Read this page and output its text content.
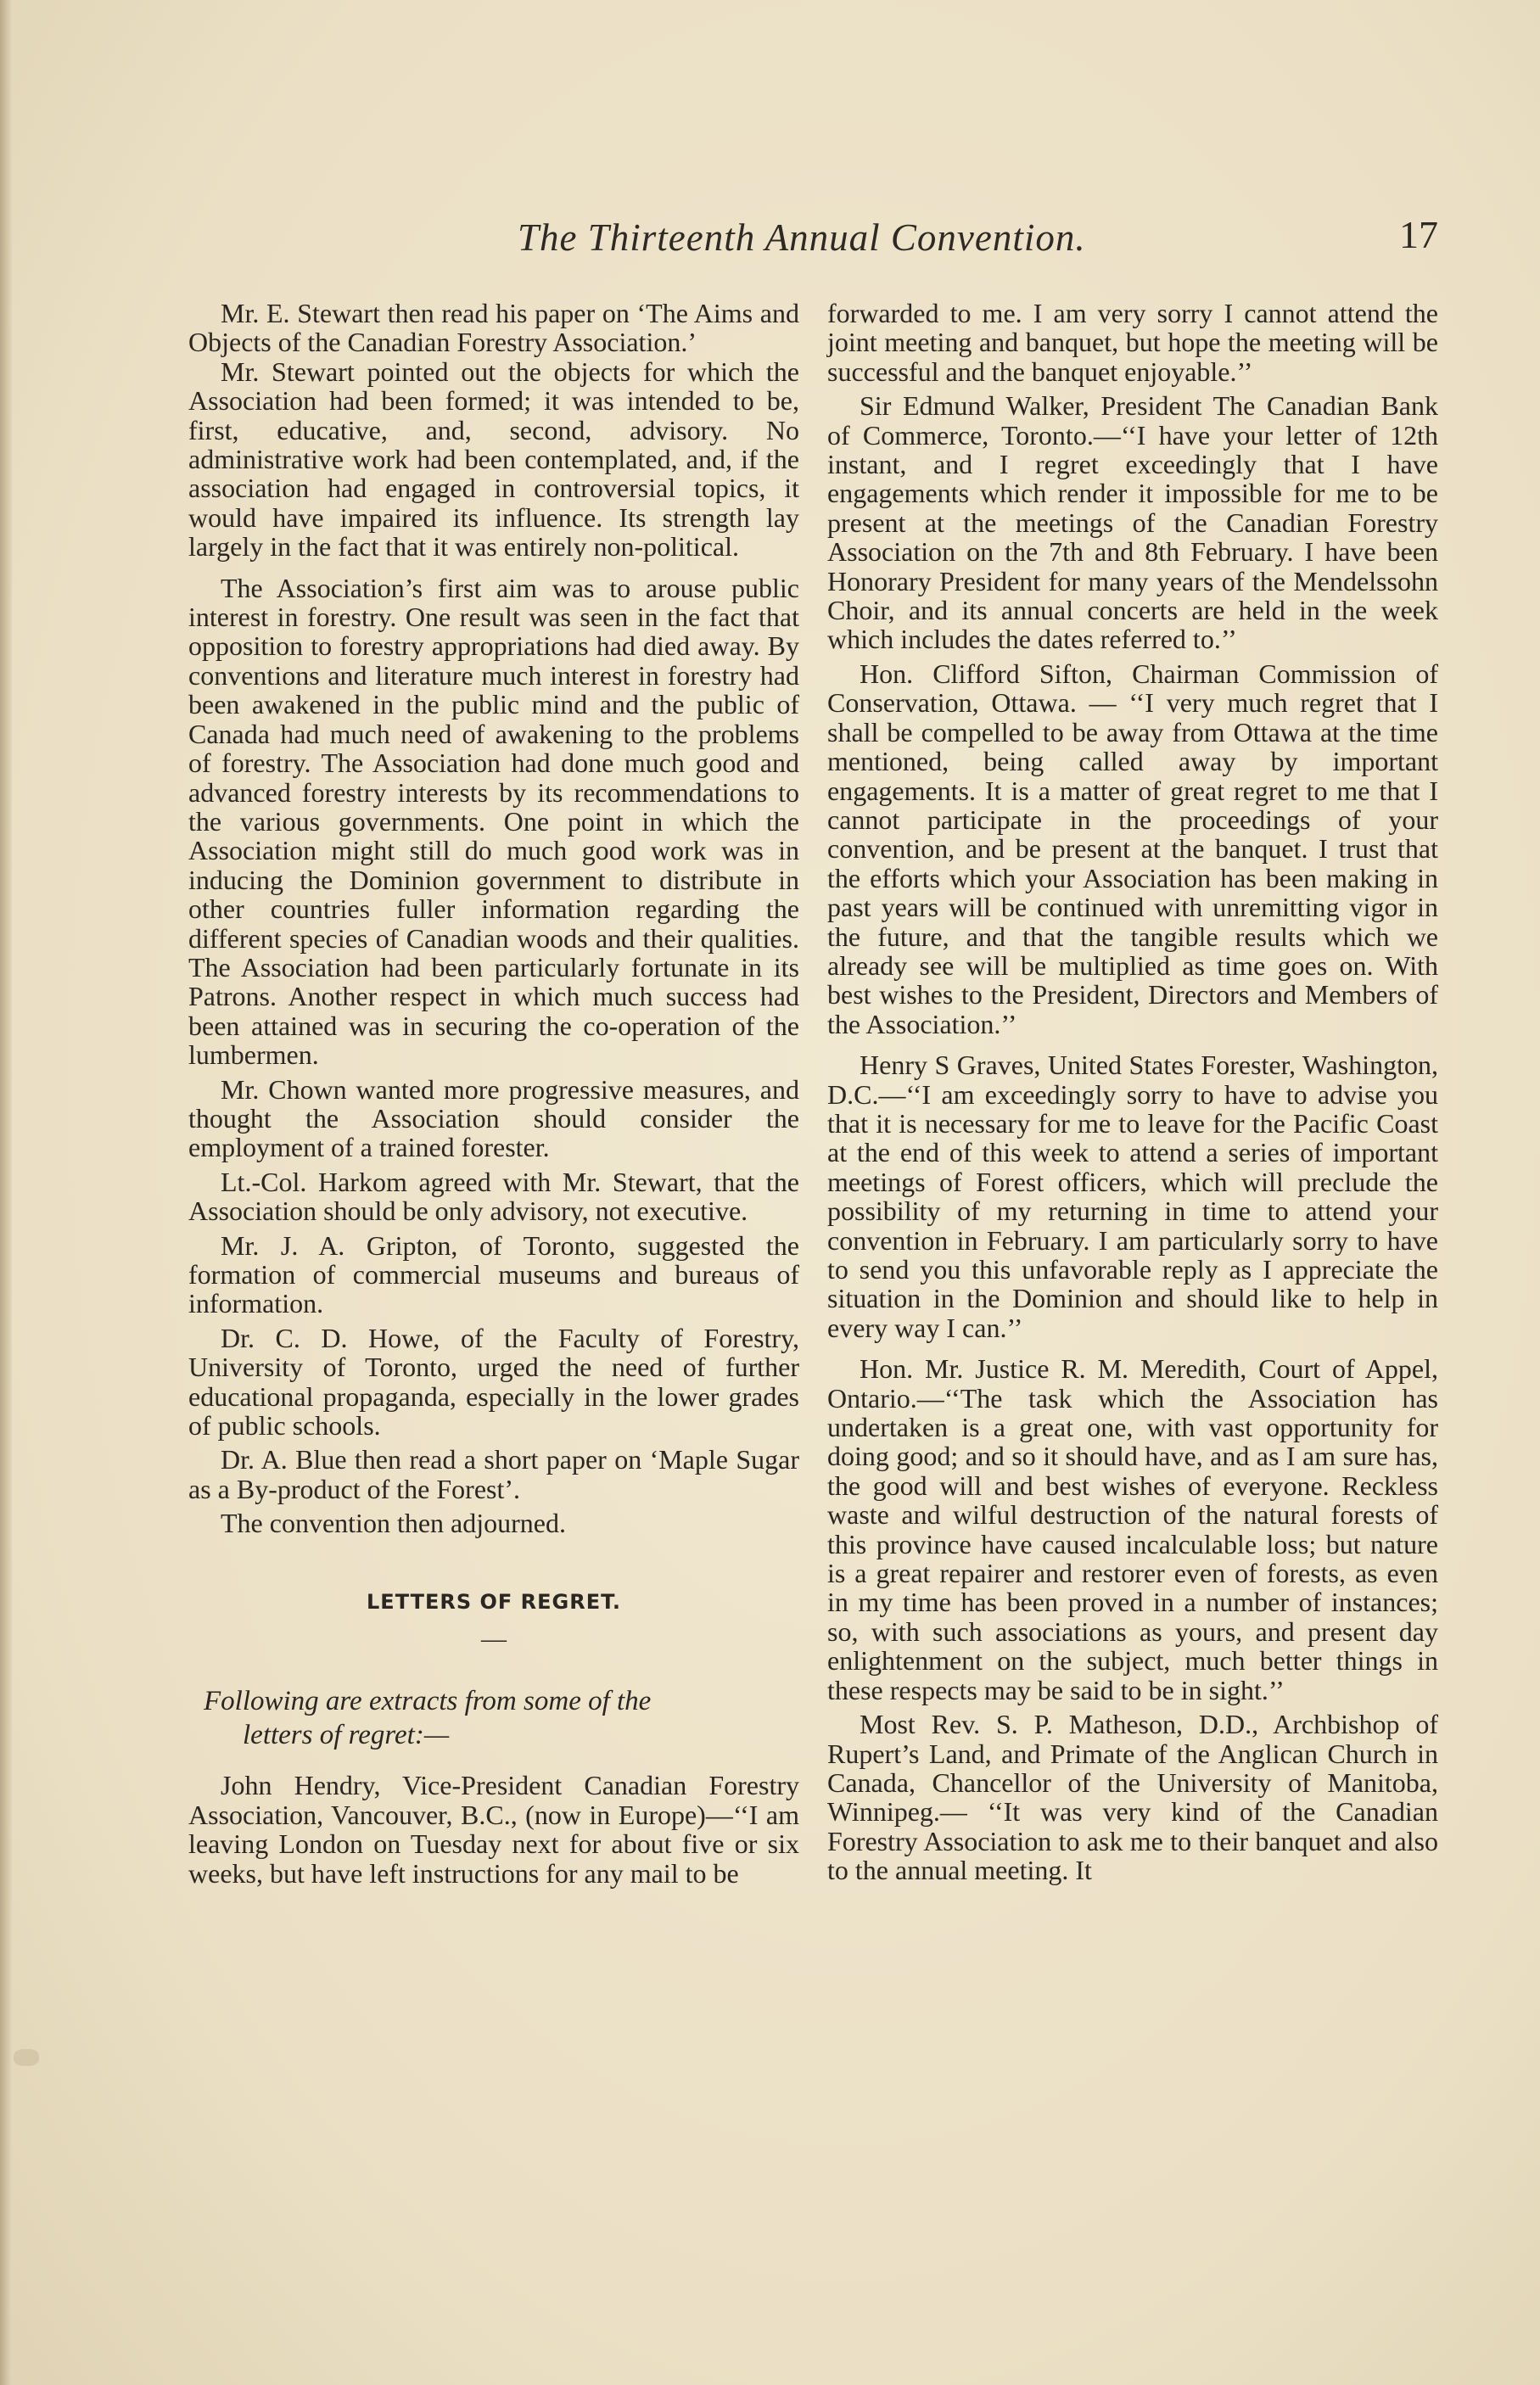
The Thirteenth Annual Convention.	17

Mr. E. Stewart then read his paper on ‘The Aims and Objects of the Canadian Forestry Association.’

Mr. Stewart pointed out the objects for which the Association had been formed; it was intended to be, first, educative, and, second, advisory. No administrative work had been contemplated, and, if the association had engaged in controversial topics, it would have impaired its influence. Its strength lay largely in the fact that it was entirely non-political.

The Association’s first aim was to arouse public interest in forestry. One result was seen in the fact that opposition to forestry appropriations had died away. By conventions and literature much interest in forestry had been awakened in the public mind and the public of Canada had much need of awakening to the problems of forestry. The Association had done much good and advanced forestry interests by its recommendations to the various governments. One point in which the Association might still do much good work was in inducing the Dominion government to distribute in other countries fuller information regarding the different species of Canadian woods and their qualities. The Association had been particularly fortunate in its Patrons. Another respect in which much success had been attained was in securing the co-operation of the lumbermen.

Mr. Chown wanted more progressive measures, and thought the Association should consider the employment of a trained forester.

Lt.-Col. Harkom agreed with Mr. Stewart, that the Association should be only advisory, not executive.

Mr. J. A. Gripton, of Toronto, suggested the formation of commercial museums and bureaus of information.

Dr. C. D. Howe, of the Faculty of Forestry, University of Toronto, urged the need of further educational propaganda, especially in the lower grades of public schools.

Dr. A. Blue then read a short paper on ‘Maple Sugar as a By-product of the Forest’.

The convention then adjourned.

LETTERS OF REGRET.
—
Following are extracts from some of the
letters of regret:—

John Hendry, Vice-President Canadian Forestry Association, Vancouver, B.C., (now in Europe)—‘‘I am leaving London on Tuesday next for about five or six weeks, but have left instructions for any mail to be

forwarded to me. I am very sorry I cannot attend the joint meeting and banquet, but hope the meeting will be successful and the banquet enjoyable.’’

Sir Edmund Walker, President The Canadian Bank of Commerce, Toronto.—‘‘I have your letter of 12th instant, and I regret exceedingly that I have engagements which render it impossible for me to be present at the meetings of the Canadian Forestry Association on the 7th and 8th February. I have been Honorary President for many years of the Mendelssohn Choir, and its annual concerts are held in the week which includes the dates referred to.’’

Hon. Clifford Sifton, Chairman Commission of Conservation, Ottawa. — ‘‘I very much regret that I shall be compelled to be away from Ottawa at the time mentioned, being called away by important engagements. It is a matter of great regret to me that I cannot participate in the proceedings of your convention, and be present at the banquet. I trust that the efforts which your Association has been making in past years will be continued with unremitting vigor in the future, and that the tangible results which we already see will be multiplied as time goes on. With best wishes to the President, Directors and Members of the Association.’’

Henry S Graves, United States Forester, Washington, D.C.—‘‘I am exceedingly sorry to have to advise you that it is necessary for me to leave for the Pacific Coast at the end of this week to attend a series of important meetings of Forest officers, which will preclude the possibility of my returning in time to attend your convention in February. I am particularly sorry to have to send you this unfavorable reply as I appreciate the situation in the Dominion and should like to help in every way I can.’’

Hon. Mr. Justice R. M. Meredith, Court of Appel, Ontario.—‘‘The task which the Association has undertaken is a great one, with vast opportunity for doing good; and so it should have, and as I am sure has, the good will and best wishes of everyone. Reckless waste and wilful destruction of the natural forests of this province have caused incalculable loss; but nature is a great repairer and restorer even of forests, as even in my time has been proved in a number of instances; so, with such associations as yours, and present day enlightenment on the subject, much better things in these respects may be said to be in sight.’’

Most Rev. S. P. Matheson, D.D., Archbishop of Rupert’s Land, and Primate of the Anglican Church in Canada, Chancellor of the University of Manitoba, Winnipeg.— ‘‘It was very kind of the Canadian Forestry Association to ask me to their banquet and also to the annual meeting. It
